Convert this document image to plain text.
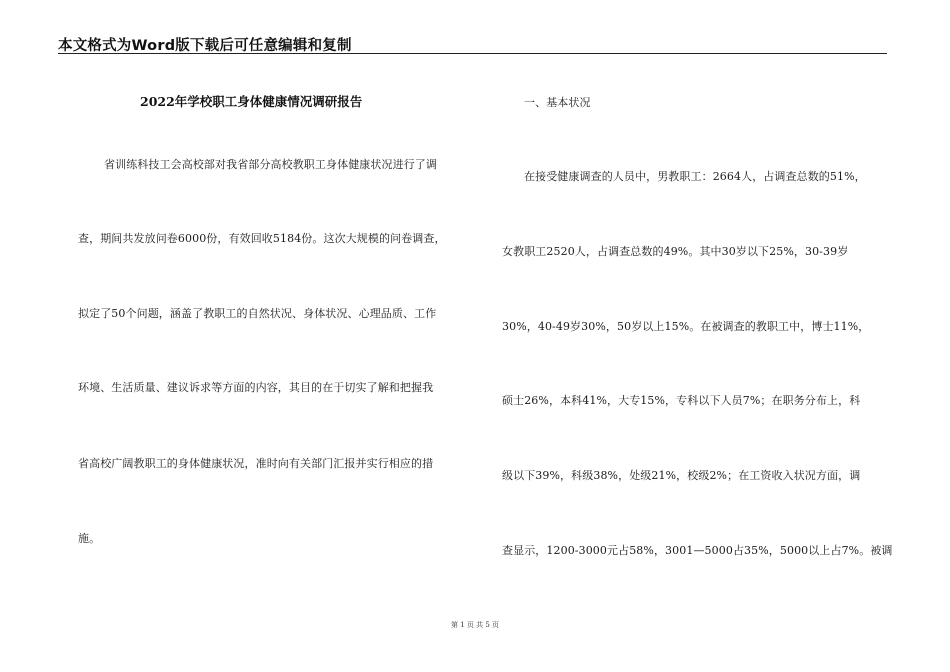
本文格式为Word版下载后可任意编辑和复制
2022年学校职工身体健康情况调研报告
省训练科技工会高校部对我省部分高校教职工身体健康状况进行了调
查，期间共发放问卷6000份，有效回收5184份。这次大规模的问卷调查，
拟定了50个问题，涵盖了教职工的自然状况、身体状况、心理品质、工作
环境、生活质量、建议诉求等方面的内容，其目的在于切实了解和把握我
省高校广阔教职工的身体健康状况，准时向有关部门汇报并实行相应的措
施。
一、基本状况
在接受健康调查的人员中，男教职工：2664人，占调查总数的51%，
女教职工2520人，占调查总数的49%。其中30岁以下25%，30-39岁
30%，40-49岁30%，50岁以上15%。在被调查的教职工中，博士11%，
硕士26%，本科41%，大专15%，专科以下人员7%；在职务分布上，科
级以下39%，科级38%，处级21%，校级2%；在工资收入状况方面，调
查显示，1200-3000元占58%，3001—5000占35%，5000以上占7%。被调
第 1 页 共 5 页
